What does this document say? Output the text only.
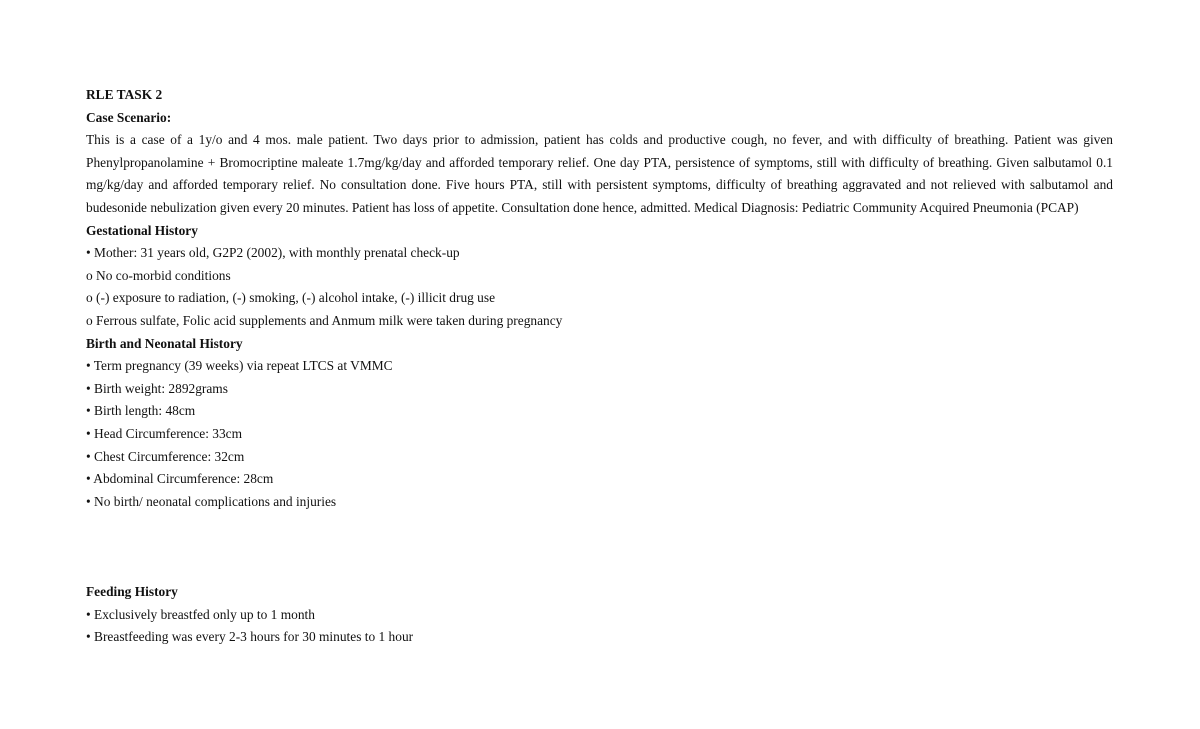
RLE TASK 2
Case Scenario:
This is a case of a 1y/o and 4 mos. male patient. Two days prior to admission, patient has colds and productive cough, no fever, and with difficulty of breathing. Patient was given Phenylpropanolamine + Bromocriptine maleate 1.7mg/kg/day and afforded temporary relief. One day PTA, persistence of symptoms, still with difficulty of breathing. Given salbutamol 0.1 mg/kg/day and afforded temporary relief. No consultation done. Five hours PTA, still with persistent symptoms, difficulty of breathing aggravated and not relieved with salbutamol and budesonide nebulization given every 20 minutes. Patient has loss of appetite. Consultation done hence, admitted. Medical Diagnosis: Pediatric Community Acquired Pneumonia (PCAP)
Gestational History
• Mother: 31 years old, G2P2 (2002), with monthly prenatal check-up
o No co-morbid conditions
o (-) exposure to radiation, (-) smoking, (-) alcohol intake, (-) illicit drug use
o Ferrous sulfate, Folic acid supplements and Anmum milk were taken during pregnancy
Birth and Neonatal History
• Term pregnancy (39 weeks) via repeat LTCS at VMMC
• Birth weight: 2892grams
• Birth length: 48cm
• Head Circumference: 33cm
• Chest Circumference: 32cm
• Abdominal Circumference: 28cm
• No birth/ neonatal complications and injuries
Feeding History
• Exclusively breastfed only up to 1 month
• Breastfeeding was every 2-3 hours for 30 minutes to 1 hour
